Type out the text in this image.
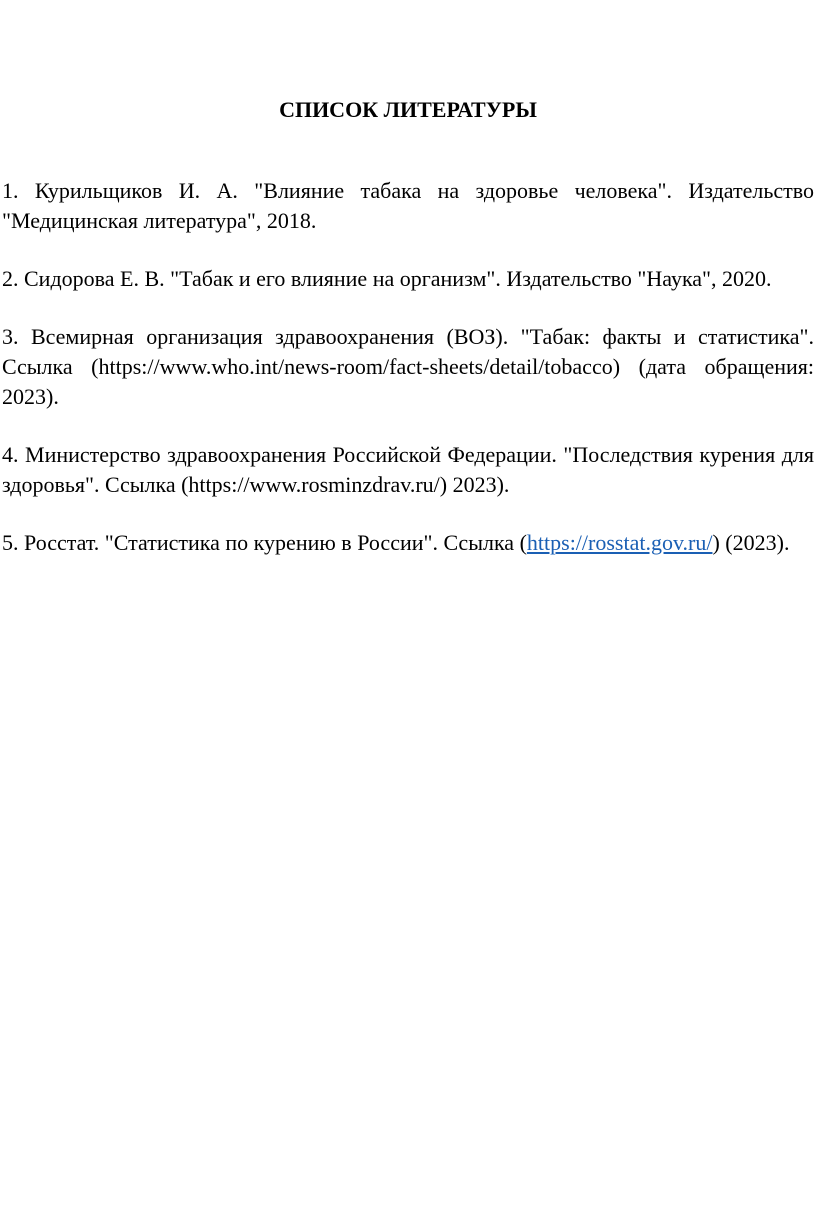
СПИСОК ЛИТЕРАТУРЫ

1. Курильщиков И. А. "Влияние табака на здоровье человека". Издательство "Медицинская литература", 2018.

2. Сидорова Е. В. "Табак и его влияние на организм". Издательство "Наука", 2020.

3. Всемирная организация здравоохранения (ВОЗ). "Табак: факты и статистика". Ссылка (https://www.who.int/news-room/fact-sheets/detail/tobacco) (дата обращения: 2023).

4. Министерство здравоохранения Российской Федерации. "Последствия курения для здоровья". Ссылка (https://www.rosminzdrav.ru/) 2023).

5. Росстат. "Статистика по курению в России". Ссылка (https://rosstat.gov.ru/) (2023).
